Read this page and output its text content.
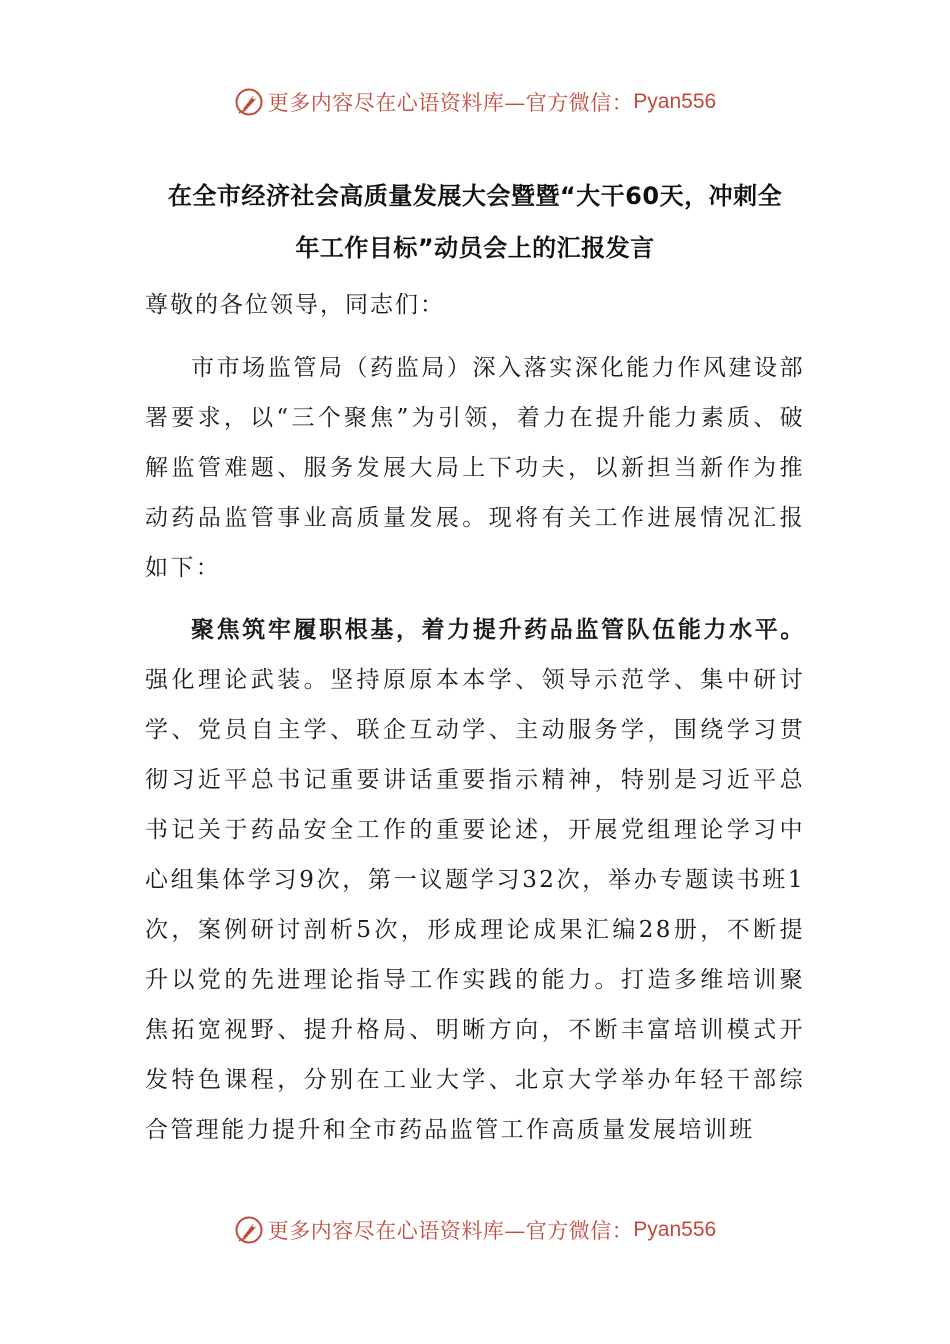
更多内容尽在心语资料库—官方微信： Pyan556
在全市经济社会高质量发展大会暨暨“大干60天，冲刺全
年工作目标”动员会上的汇报发言
尊敬的各位领导，同志们：

市市场监管局（药监局）深入落实深化能力作风建设部署要求，以“三个聚焦”为引领，着力在提升能力素质、破解监管难题、服务发展大局上下功夫，以新担当新作为推动药品监管事业高质量发展。现将有关工作进展情况汇报如下：

聚焦筑牢履职根基，着力提升药品监管队伍能力水平。强化理论武装。坚持原原本本学、领导示范学、集中研讨学、党员自主学、联企互动学、主动服务学，围绕学习贯彻习近平总书记重要讲话重要指示精神，特别是习近平总书记关于药品安全工作的重要论述，开展党组理论学习中心组集体学习9次，第一议题学习32次，举办专题读书班1次，案例研讨剖析5次，形成理论成果汇编28册，不断提升以党的先进理论指导工作实践的能力。打造多维培训聚焦拓宽视野、提升格局、明晰方向，不断丰富培训模式开发特色课程，分别在工业大学、北京大学举办年轻干部综合管理能力提升和全市药品监管工作高质量发展培训班

更多内容尽在心语资料库—官方微信： Pyan556
